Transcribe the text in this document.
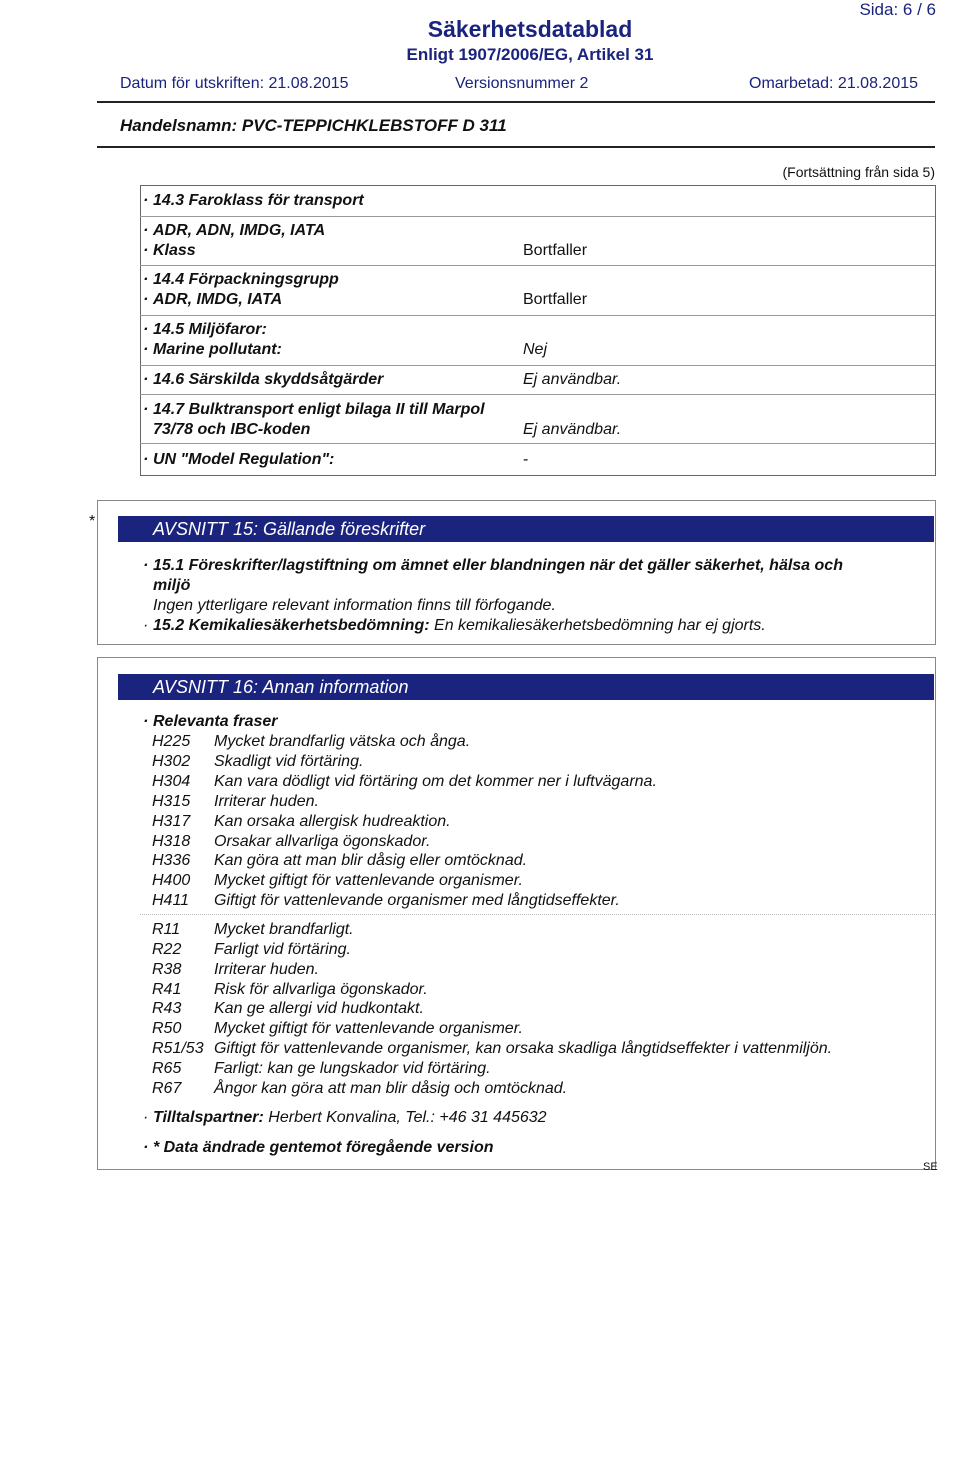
Säkerhetsdatablad
Enligt 1907/2006/EG, Artikel 31
Sida: 6 / 6
Datum för utskriften: 21.08.2015	Versionsnummer 2	Omarbetad: 21.08.2015
Handelsnamn: PVC-TEPPICHKLEBSTOFF D 311
(Fortsättning från sida 5)
· 14.3 Faroklass för transport
· ADR, ADN, IMDG, IATA
· Klass	Bortfaller
· 14.4 Förpackningsgrupp
· ADR, IMDG, IATA	Bortfaller
· 14.5 Miljöfaror:
· Marine pollutant:	Nej
· 14.6 Särskilda skyddsåtgärder	Ej användbar.
· 14.7 Bulktransport enligt bilaga II till Marpol
73/78 och IBC-koden	Ej användbar.
· UN "Model Regulation":	-
*	AVSNITT 15: Gällande föreskrifter
· 15.1 Föreskrifter/lagstiftning om ämnet eller blandningen när det gäller säkerhet, hälsa och
miljö
Ingen ytterligare relevant information finns till förfogande.
· 15.2 Kemikaliesäkerhetsbedömning: En kemikaliesäkerhetsbedömning har ej gjorts.
AVSNITT 16: Annan information
· Relevanta fraser
H225 Mycket brandfarlig vätska och ånga.
H302 Skadligt vid förtäring.
H304 Kan vara dödligt vid förtäring om det kommer ner i luftvägarna.
H315 Irriterar huden.
H317 Kan orsaka allergisk hudreaktion.
H318 Orsakar allvarliga ögonskador.
H336 Kan göra att man blir dåsig eller omtöcknad.
H400 Mycket giftigt för vattenlevande organismer.
H411 Giftigt för vattenlevande organismer med långtidseffekter.
R11 Mycket brandfarligt.
R22 Farligt vid förtäring.
R38 Irriterar huden.
R41 Risk för allvarliga ögonskador.
R43 Kan ge allergi vid hudkontakt.
R50 Mycket giftigt för vattenlevande organismer.
R51/53 Giftigt för vattenlevande organismer, kan orsaka skadliga långtidseffekter i vattenmiljön.
R65 Farligt: kan ge lungskador vid förtäring.
R67 Ångor kan göra att man blir dåsig och omtöcknad.
· Tilltalspartner: Herbert Konvalina, Tel.: +46 31 445632
· * Data ändrade gentemot föregående version
SE
